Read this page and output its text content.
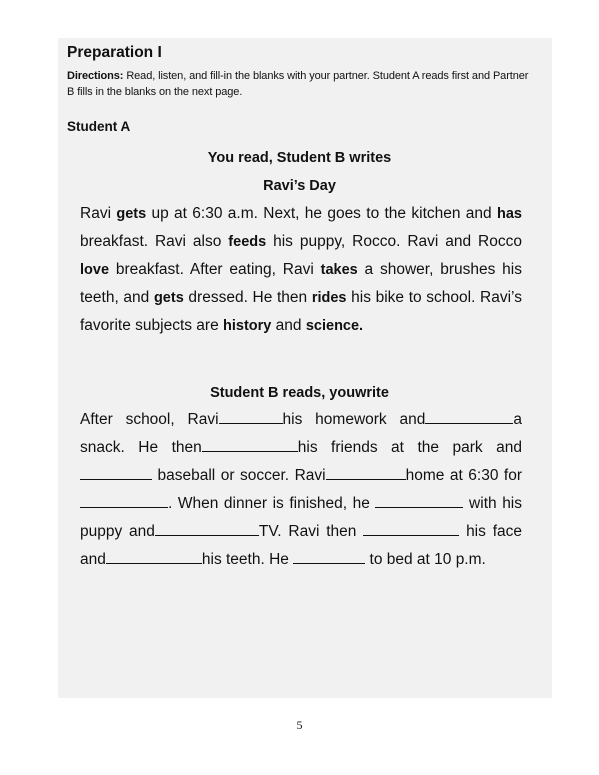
Preparation I
Directions: Read, listen, and fill-in the blanks with your partner. Student A reads first and Partner B fills in the blanks on the next page.
Student A
You read, Student B writes
Ravi’s Day
Ravi gets up at 6:30 a.m. Next, he goes to the kitchen and has breakfast. Ravi also feeds his puppy, Rocco. Ravi and Rocco love breakfast. After eating, Ravi takes a shower, brushes his teeth, and gets dressed. He then rides his bike to school. Ravi’s favorite subjects are history and science.
Student B reads, youwrite
After school, Ravi	his homework and	a snack. He then	his friends at the park and  baseball or soccer. Ravi	home at 6:30 for. When dinner is finished, he	with his puppy and	TV. Ravi then	his face and	his teeth. He	to bed at 10 p.m.
5
